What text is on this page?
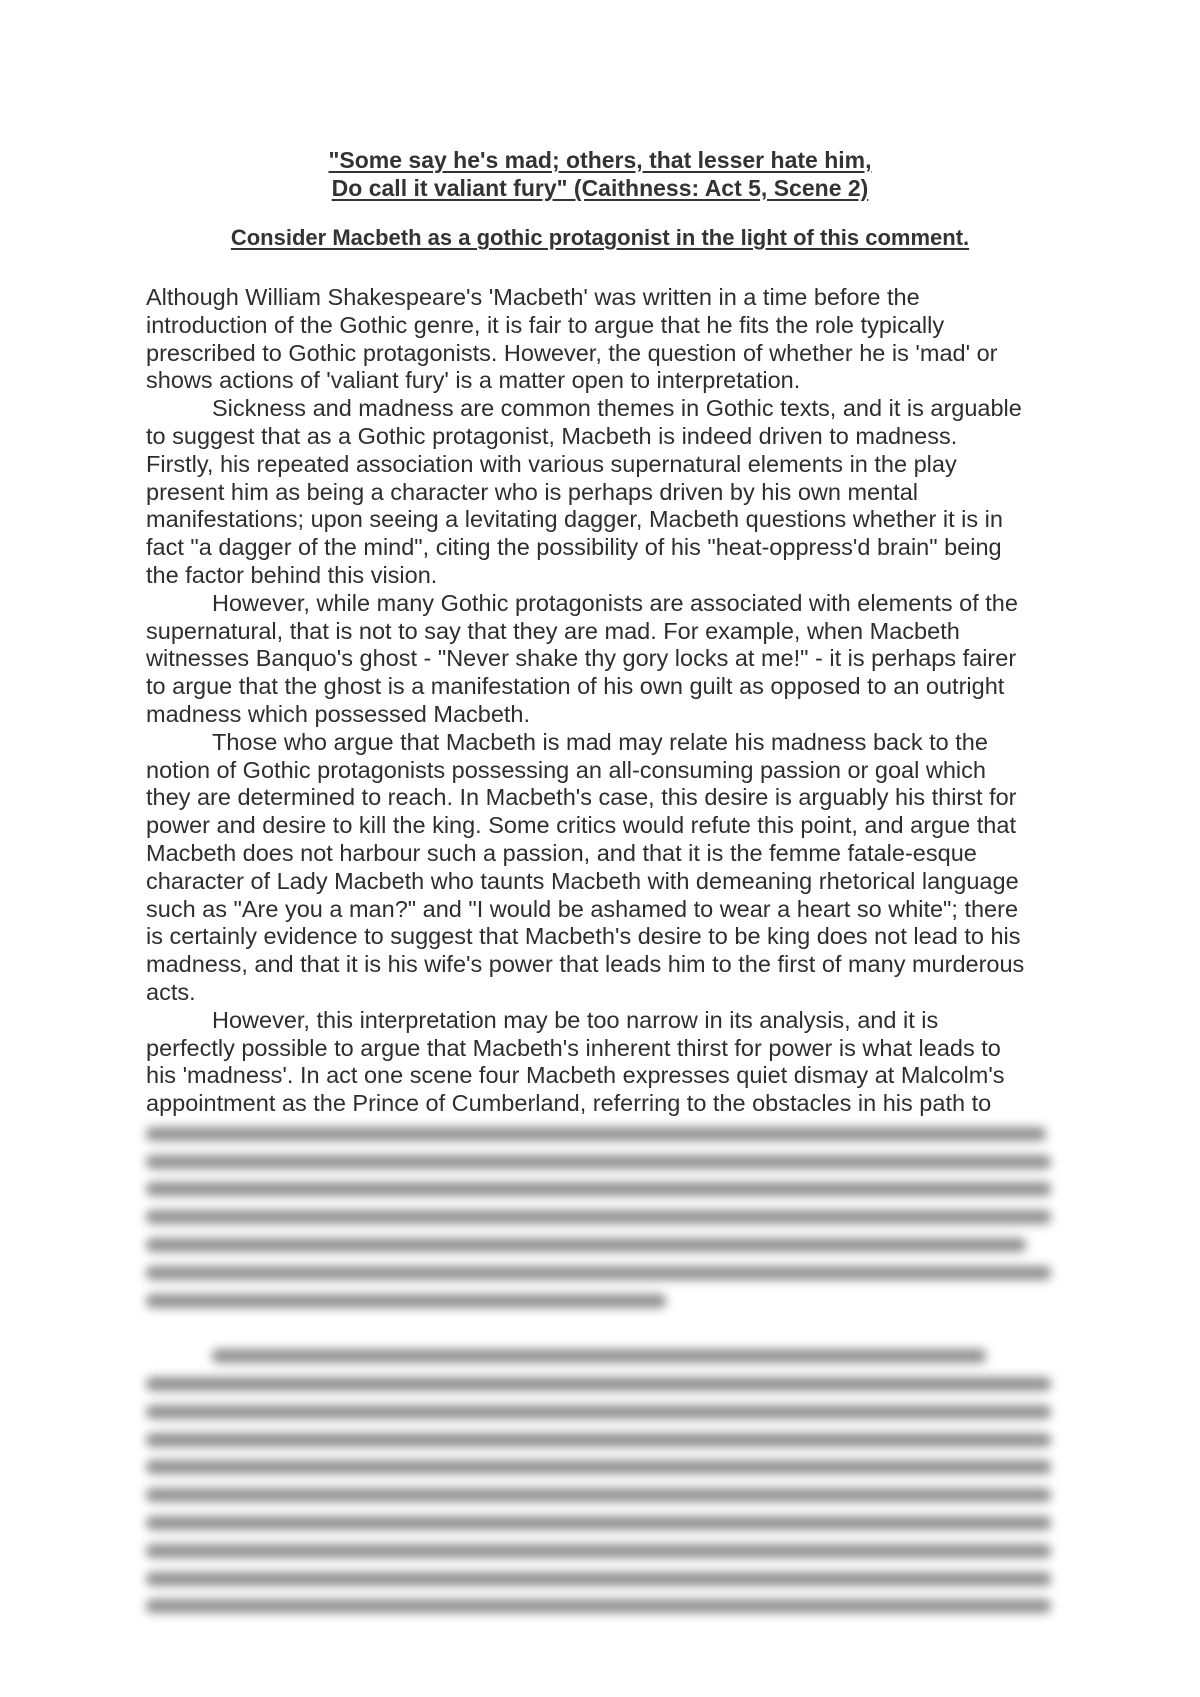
"Some say he's mad; others, that lesser hate him,
Do call it valiant fury" (Caithness: Act 5, Scene 2)
Consider Macbeth as a gothic protagonist in the light of this comment.

Although William Shakespeare's 'Macbeth' was written in a time before the

introduction of the Gothic genre, it is fair to argue that he fits the role typically

prescribed to Gothic protagonists. However, the question of whether he is 'mad' or

shows actions of 'valiant fury' is a matter open to interpretation.

Sickness and madness are common themes in Gothic texts, and it is arguable

to suggest that as a Gothic protagonist, Macbeth is indeed driven to madness.

Firstly, his repeated association with various supernatural elements in the play

present him as being a character who is perhaps driven by his own mental

manifestations; upon seeing a levitating dagger, Macbeth questions whether it is in

fact "a dagger of the mind", citing the possibility of his "heat-oppress'd brain" being

the factor behind this vision.

However, while many Gothic protagonists are associated with elements of the

supernatural, that is not to say that they are mad. For example, when Macbeth

witnesses Banquo's ghost - "Never shake thy gory locks at me!" - it is perhaps fairer

to argue that the ghost is a manifestation of his own guilt as opposed to an outright

madness which possessed Macbeth.

Those who argue that Macbeth is mad may relate his madness back to the

notion of Gothic protagonists possessing an all-consuming passion or goal which

they are determined to reach. In Macbeth's case, this desire is arguably his thirst for

power and desire to kill the king. Some critics would refute this point, and argue that

Macbeth does not harbour such a passion, and that it is the femme fatale-esque

character of Lady Macbeth who taunts Macbeth with demeaning rhetorical language

such as "Are you a man?" and "I would be ashamed to wear a heart so white"; there

is certainly evidence to suggest that Macbeth's desire to be king does not lead to his

madness, and that it is his wife's power that leads him to the first of many murderous

acts.

However, this interpretation may be too narrow in its analysis, and it is

perfectly possible to argue that Macbeth's inherent thirst for power is what leads to

his 'madness'. In act one scene four Macbeth expresses quiet dismay at Malcolm's

appointment as the Prince of Cumberland, referring to the obstacles in his path to
